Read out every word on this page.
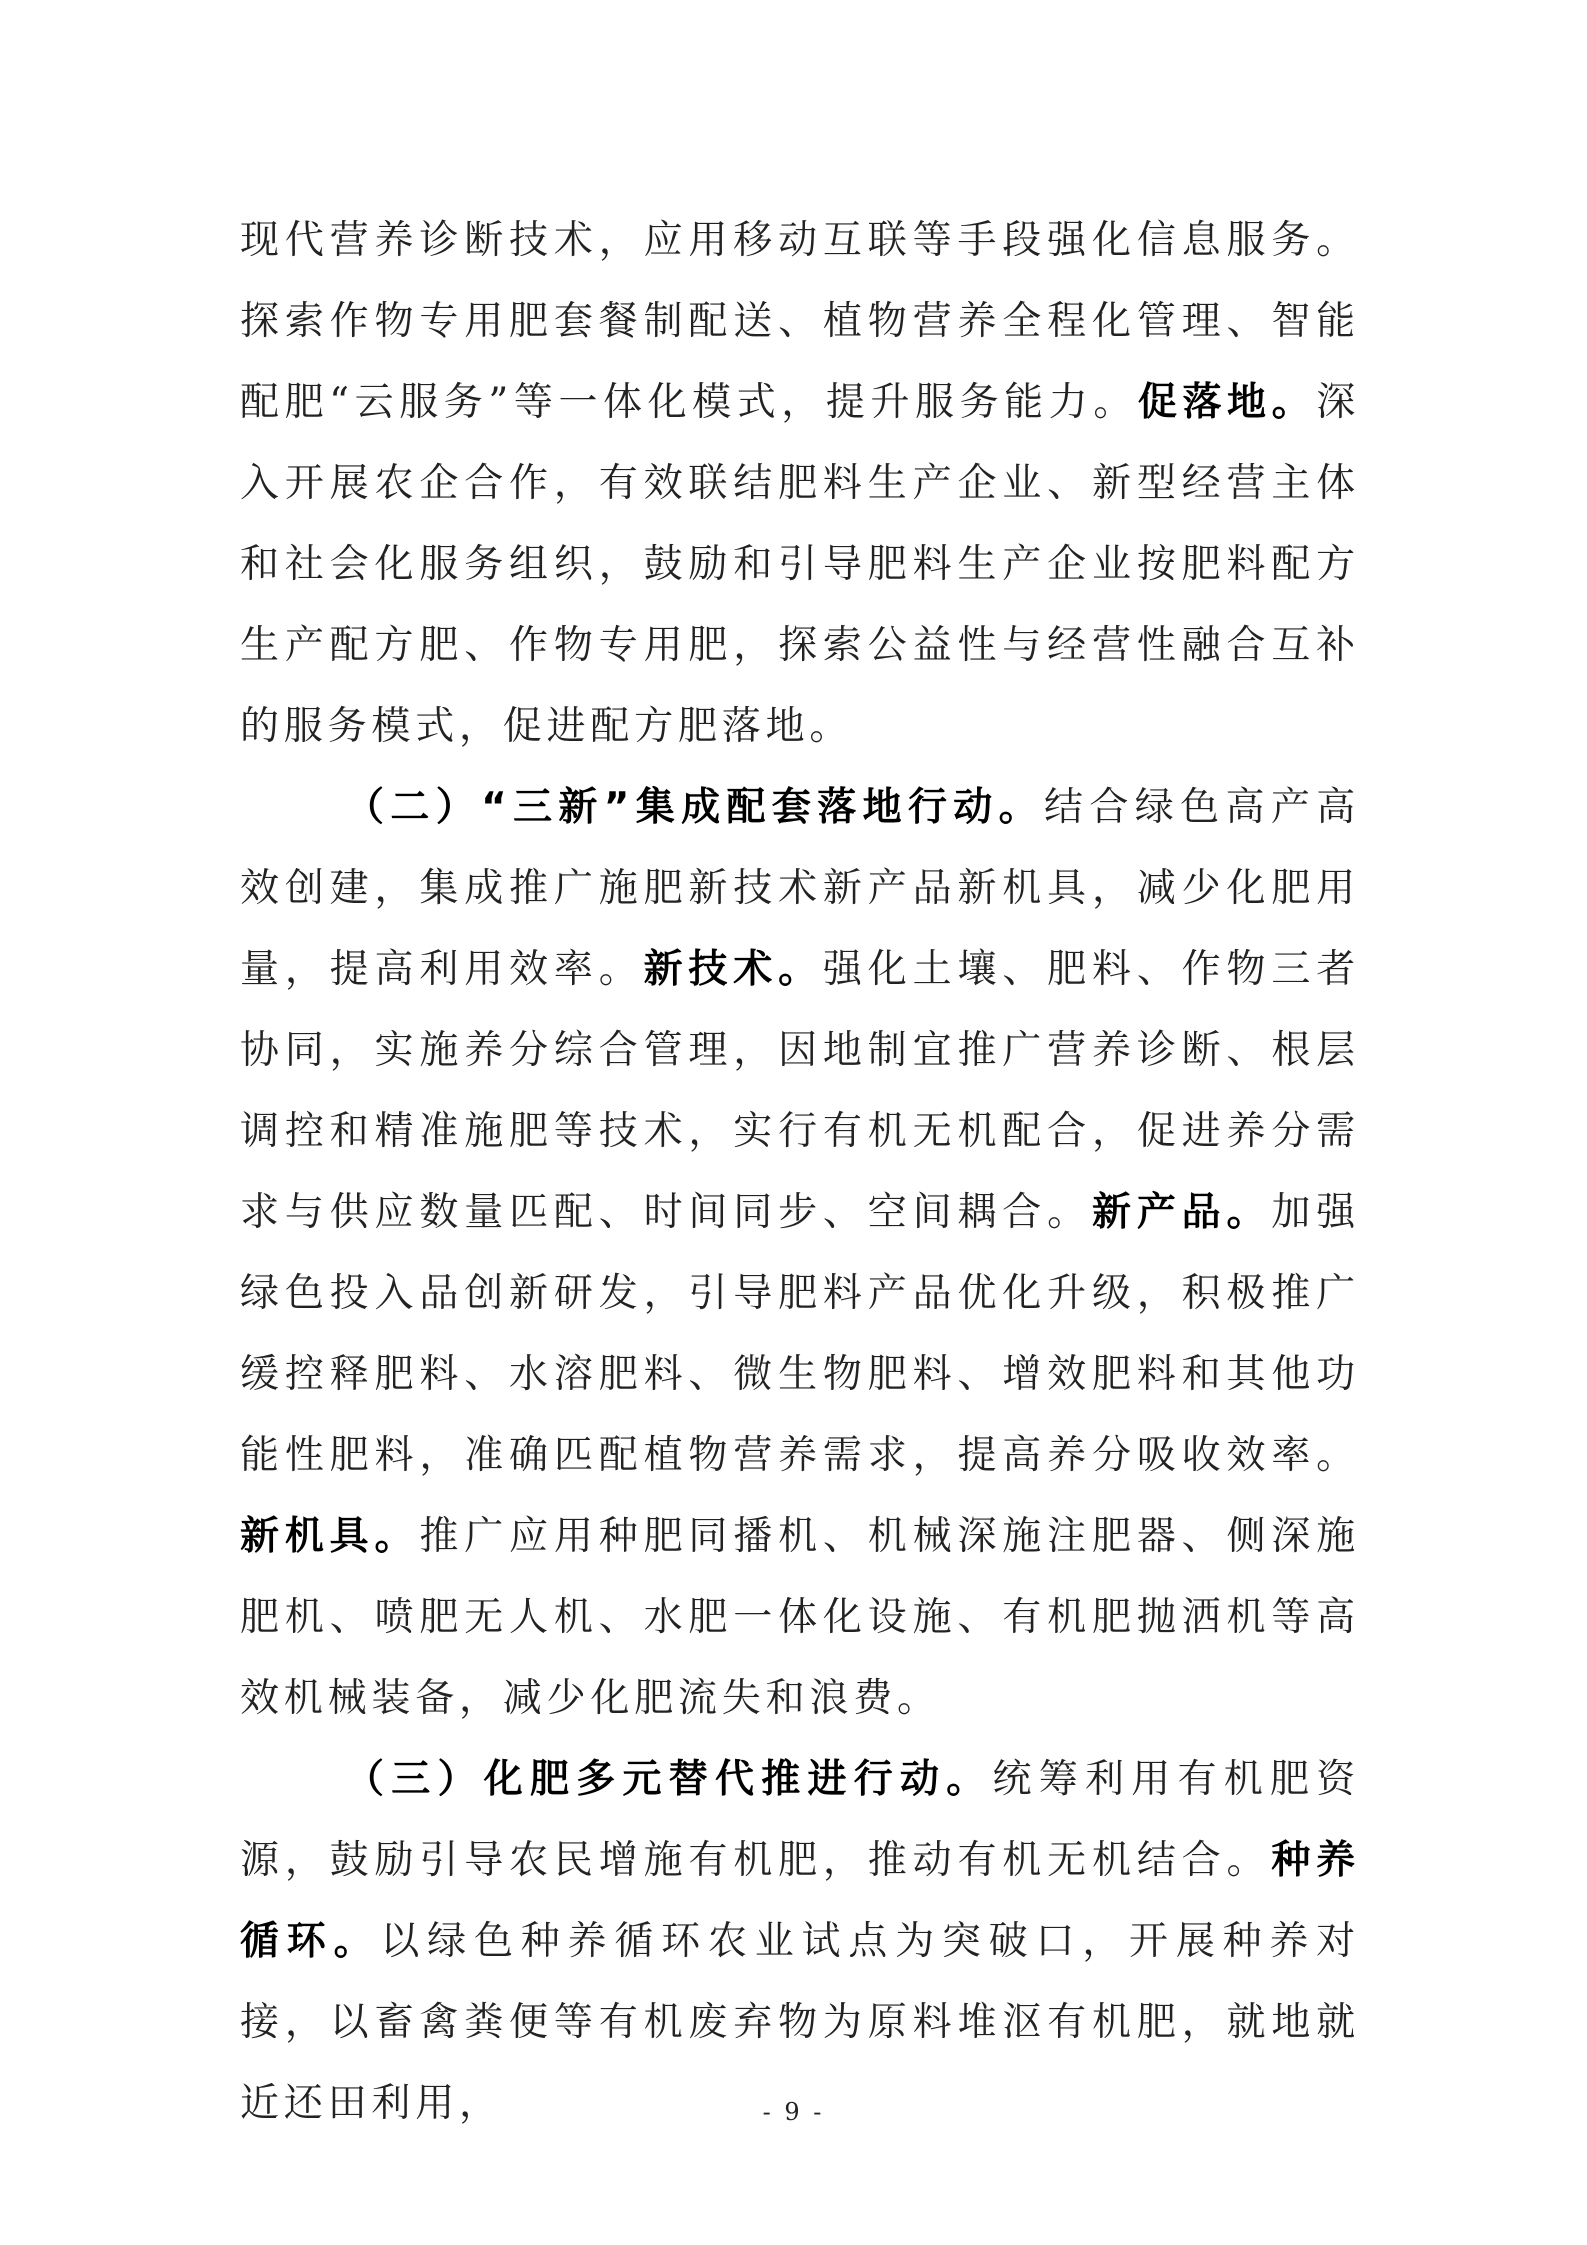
现代营养诊断技术，应用移动互联等手段强化信息服务。探索作物专用肥套餐制配送、植物营养全程化管理、智能配肥“云服务”等一体化模式，提升服务能力。促落地。深入开展农企合作，有效联结肥料生产企业、新型经营主体和社会化服务组织，鼓励和引导肥料生产企业按肥料配方生产配方肥、作物专用肥，探索公益性与经营性融合互补的服务模式，促进配方肥落地。

（二）“三新”集成配套落地行动。结合绿色高产高效创建，集成推广施肥新技术新产品新机具，减少化肥用量，提高利用效率。新技术。强化土壤、肥料、作物三者协同，实施养分综合管理，因地制宜推广营养诊断、根层调控和精准施肥等技术，实行有机无机配合，促进养分需求与供应数量匹配、时间同步、空间耦合。新产品。加强绿色投入品创新研发，引导肥料产品优化升级，积极推广缓控释肥料、水溶肥料、微生物肥料、增效肥料和其他功能性肥料，准确匹配植物营养需求，提高养分吸收效率。新机具。推广应用种肥同播机、机械深施注肥器、侧深施肥机、喷肥无人机、水肥一体化设施、有机肥抛洒机等高效机械装备，减少化肥流失和浪费。

（三）化肥多元替代推进行动。统筹利用有机肥资源，鼓励引导农民增施有机肥，推动有机无机结合。种养循环。以绿色种养循环农业试点为突破口，开展种养对接，以畜禽粪便等有机废弃物为原料堆沤有机肥，就地就近还田利用，	- 9 -
